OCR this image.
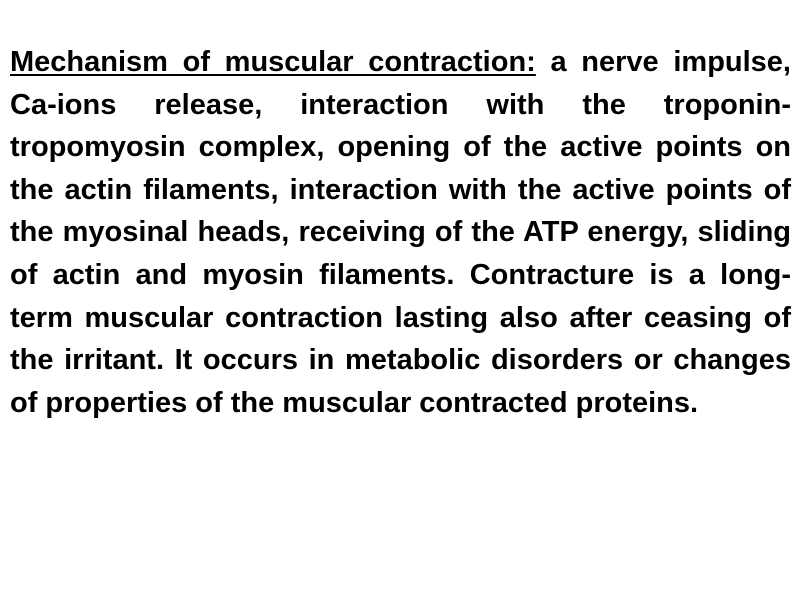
Mechanism of muscular contraction: a nerve impulse, Ca-ions release, interaction with the troponin-tropomyosin complex, opening of the active points on the actin filaments, interaction with the active points of the myosinal heads, receiving of the ATP energy, sliding of actin and myosin filaments. Contracture is a long-term muscular contraction lasting also after ceasing of the irritant. It occurs in metabolic disorders or changes of properties of the muscular contracted proteins.
